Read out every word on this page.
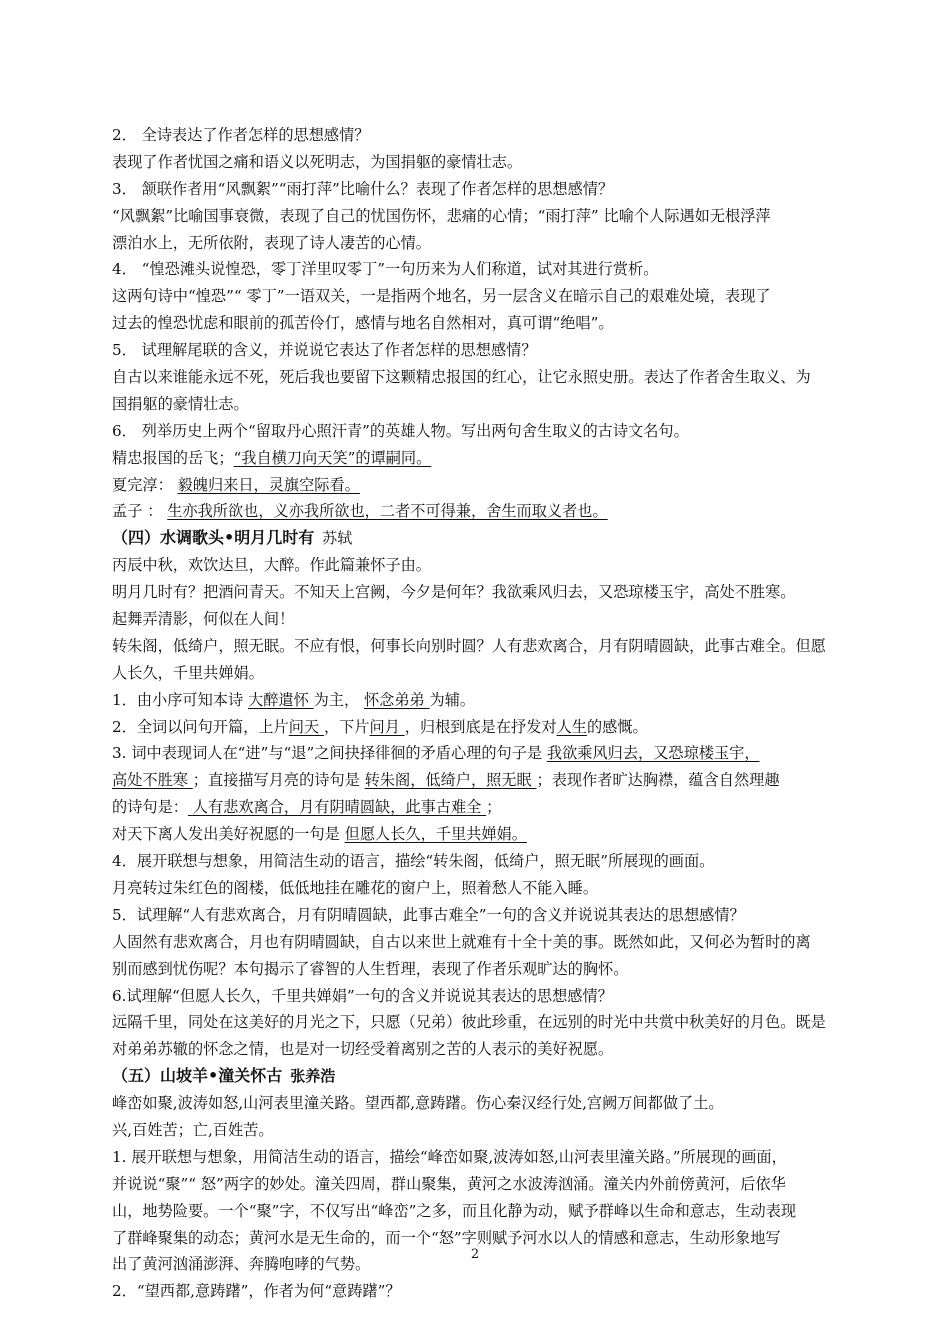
2． 全诗表达了作者怎样的思想感情？
表现了作者忧国之痛和语义以死明志，为国捐躯的豪情壮志。
3． 颔联作者用“风飘絮”“雨打萍”比喻什么？表现了作者怎样的思想感情？
“风飘絮”比喻国事衰微，表现了自己的忧国伤怀，悲痛的心情；“雨打萍” 比喻个人际遇如无根浮萍
漂泊水上，无所依附，表现了诗人凄苦的心情。
4． “惶恐滩头说惶恐，零丁洋里叹零丁”一句历来为人们称道，试对其进行赏析。
这两句诗中“惶恐”“ 零丁”一语双关，一是指两个地名，另一层含义在暗示自己的艰难处境，表现了
过去的惶恐忧虑和眼前的孤苦伶仃，感情与地名自然相对，真可谓“绝唱”。
5． 试理解尾联的含义，并说说它表达了作者怎样的思想感情？
自古以来谁能永远不死，死后我也要留下这颗精忠报国的红心，让它永照史册。表达了作者舍生取义、为
国捐躯的豪情壮志。
6． 列举历史上两个“留取丹心照汗青”的英雄人物。写出两句舍生取义的古诗文名句。
精忠报国的岳飞；“我自横刀向天笑”的谭嗣同。
夏完淳： 毅魄归来日，灵旗空际看。
孟子 ： 生亦我所欲也，义亦我所欲也，二者不可得兼，舍生而取义者也。
（四）水调歌头•明月几时有 苏轼
丙辰中秋，欢饮达旦，大醉。作此篇兼怀子由。
明月几时有？把酒问青天。不知天上宫阙，今夕是何年？我欲乘风归去，又恐琼楼玉宇，高处不胜寒。
起舞弄清影，何似在人间！
转朱阁，低绮户，照无眠。不应有恨，何事长向别时圆？人有悲欢离合，月有阴晴圆缺，此事古难全。但愿
人长久，千里共婵娟。
1．由小序可知本诗 大醉遣怀 为主， 怀念弟弟 为辅。
2．全词以问句开篇，上片问天 ，下片问月 ，归根到底是在抒发对人生的感慨。
3. 词中表现词人在“进”与“退”之间抉择徘徊的矛盾心理的句子是 我欲乘风归去，又恐琼楼玉宇，
高处不胜寒 ；直接描写月亮的诗句是 转朱阁，低绮户，照无眠 ；表现作者旷达胸襟，蕴含自然理趣
的诗句是： 人有悲欢离合，月有阴晴圆缺，此事古难全 ；
对天下离人发出美好祝愿的一句是 但愿人长久，千里共婵娟。
4．展开联想与想象，用简洁生动的语言，描绘“转朱阁，低绮户，照无眠”所展现的画面。
月亮转过朱红色的阁楼，低低地挂在雕花的窗户上，照着愁人不能入睡。
5．试理解“人有悲欢离合，月有阴晴圆缺，此事古难全”一句的含义并说说其表达的思想感情？
人固然有悲欢离合，月也有阴晴圆缺，自古以来世上就难有十全十美的事。既然如此，又何必为暂时的离
别而感到忧伤呢？本句揭示了睿智的人生哲理，表现了作者乐观旷达的胸怀。
6.试理解“但愿人长久，千里共婵娟”一句的含义并说说其表达的思想感情？
远隔千里，同处在这美好的月光之下，只愿（兄弟）彼此珍重，在远别的时光中共赏中秋美好的月色。既是
对弟弟苏辙的怀念之情，也是对一切经受着离别之苦的人表示的美好祝愿。
（五）山坡羊•潼关怀古 张养浩
峰峦如聚,波涛如怒,山河表里潼关路。望西都,意踌躇。伤心秦汉经行处,宫阙万间都做了土。
兴,百姓苦；亡,百姓苦。
1. 展开联想与想象，用简洁生动的语言，描绘“峰峦如聚,波涛如怒,山河表里潼关路。”所展现的画面，
并说说“聚”“ 怒”两字的妙处。潼关四周，群山聚集，黄河之水波涛汹涌。潼关内外前傍黄河，后依华
山，地势险要。一个“聚”字，不仅写出“峰峦”之多，而且化静为动，赋予群峰以生命和意志，生动表现
了群峰聚集的动态；黄河水是无生命的，而一个“怒”字则赋予河水以人的情感和意志，生动形象地写
出了黄河汹涌澎湃、奔腾咆哮的气势。
2．“望西都,意踌躇”，作者为何“意踌躇”？
2
